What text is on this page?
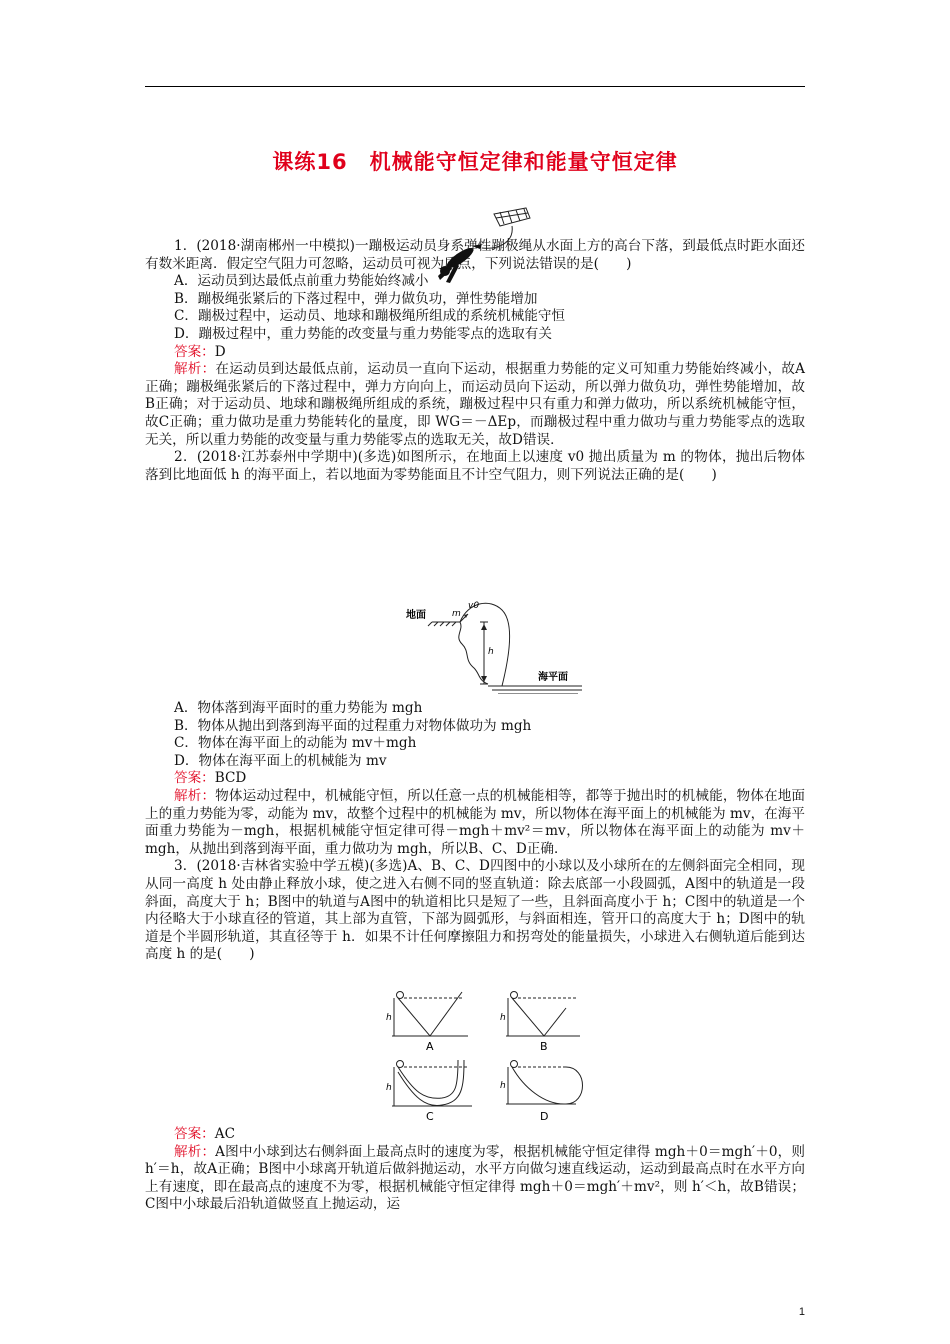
课练16　机械能守恒定律和能量守恒定律
1．(2018·湖南郴州一中模拟)一蹦极运动员身系弹性蹦极绳从水面上方的高台下落，到最低点时距水面还有数米距离．假定空气阻力可忽略，运动员可视为质点，下列说法错误的是(　　)
A．运动员到达最低点前重力势能始终减小
B．蹦极绳张紧后的下落过程中，弹力做负功，弹性势能增加
C．蹦极过程中，运动员、地球和蹦极绳所组成的系统机械能守恒
D．蹦极过程中，重力势能的改变量与重力势能零点的选取有关
答案：D
解析：在运动员到达最低点前，运动员一直向下运动，根据重力势能的定义可知重力势能始终减小，故A正确；蹦极绳张紧后的下落过程中，弹力方向向上，而运动员向下运动，所以弹力做负功，弹性势能增加，故B正确；对于运动员、地球和蹦极绳所组成的系统，蹦极过程中只有重力和弹力做功，所以系统机械能守恒，故C正确；重力做功是重力势能转化的量度，即 WG＝－ΔEp，而蹦极过程中重力做功与重力势能零点的选取无关，所以重力势能的改变量与重力势能零点的选取无关，故D错误．
2．(2018·江苏泰州中学期中)(多选)如图所示，在地面上以速度 v0 抛出质量为 m 的物体，抛出后物体落到比地面低 h 的海平面上，若以地面为零势能面且不计空气阻力，则下列说法正确的是(　　)
地面
v0
m
h
海平面
A．物体落到海平面时的重力势能为 mgh
B．物体从抛出到落到海平面的过程重力对物体做功为 mgh
C．物体在海平面上的动能为 mv＋mgh
D．物体在海平面上的机械能为 mv
答案：BCD
解析：物体运动过程中，机械能守恒，所以任意一点的机械能相等，都等于抛出时的机械能，物体在地面上的重力势能为零，动能为 mv，故整个过程中的机械能为 mv，所以物体在海平面上的机械能为 mv，在海平面重力势能为－mgh，根据机械能守恒定律可得－mgh＋mv²＝mv，所以物体在海平面上的动能为 mv＋mgh，从抛出到落到海平面，重力做功为 mgh，所以B、C、D正确．
3．(2018·吉林省实验中学五模)(多选)A、B、C、D四图中的小球以及小球所在的左侧斜面完全相同，现从同一高度 h 处由静止释放小球，使之进入右侧不同的竖直轨道：除去底部一小段圆弧，A图中的轨道是一段斜面，高度大于 h；B图中的轨道与A图中的轨道相比只是短了一些，且斜面高度小于 h；C图中的轨道是一个内径略大于小球直径的管道，其上部为直管，下部为圆弧形，与斜面相连，管开口的高度大于 h；D图中的轨道是个半圆形轨道，其直径等于 h．如果不计任何摩擦阻力和拐弯处的能量损失，小球进入右侧轨道后能到达高度 h 的是(　　)
h	h
h	h
A	B
C	D
答案：AC
解析：A图中小球到达右侧斜面上最高点时的速度为零，根据机械能守恒定律得 mgh＋0＝mgh′＋0，则 h′＝h，故A正确；B图中小球离开轨道后做斜抛运动，水平方向做匀速直线运动，运动到最高点时在水平方向上有速度，即在最高点的速度不为零，根据机械能守恒定律得 mgh＋0＝mgh′＋mv²，则 h′＜h，故B错误；C图中小球最后沿轨道做竖直上抛运动，运
1
